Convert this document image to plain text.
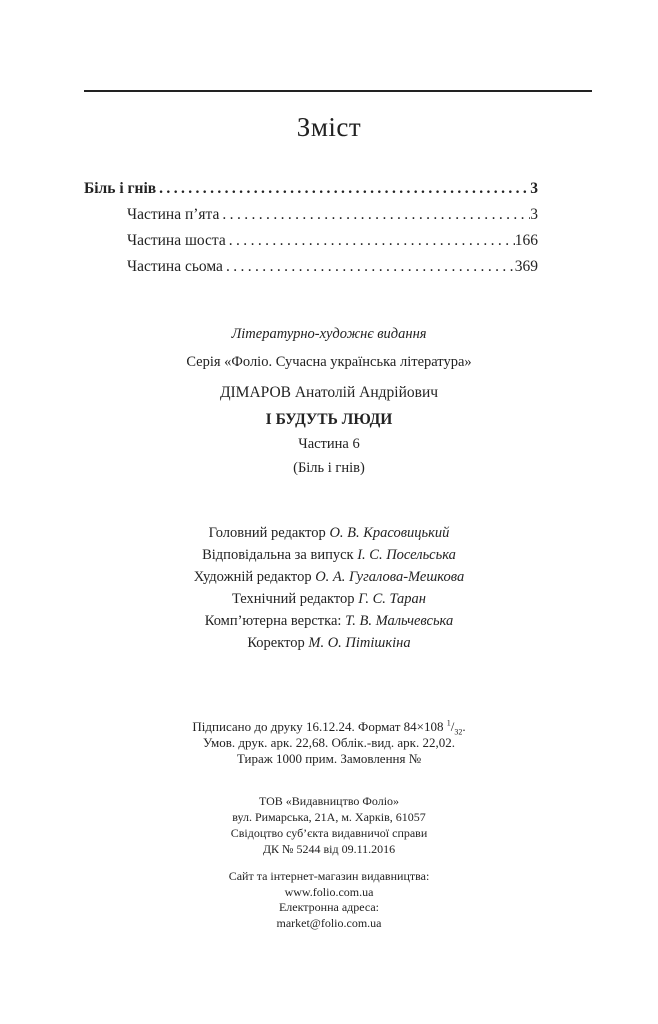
Зміст
Біль і гнів .....	3
Частина п’ята .....	3
Частина шоста .....	166
Частина сьома .....	369

Літературно-художнє видання

Серія «Фоліо. Сучасна українська література»

ДІМАРОВ Анатолій Андрійович

І БУДУТЬ ЛЮДИ

Частина 6

(Біль і гнів)

Головний редактор О. В. Красовицький

Відповідальна за випуск І. С. Посельська

Художній редактор О. А. Гугалова-Мешкова

Технічний редактор Г. С. Таран

Комп’ютерна верстка: Т. В. Мальчевська

Коректор М. О. Пітішкіна

Підписано до друку 16.12.24. Формат 84×108 $^1/_{32}$.

Умов. друк. арк. 22,68. Облік.-вид. арк. 22,02.

Тираж 1000 прим. Замовлення №

ТОВ «Видавництво Фоліо»

вул. Римарська, 21А, м. Харків, 61057

Свідоцтво суб’єкта видавничої справи

ДК № 5244 від 09.11.2016

Сайт та інтернет-магазин видавництва:

www.folio.com.ua

Електронна адреса:

market@folio.com.ua
